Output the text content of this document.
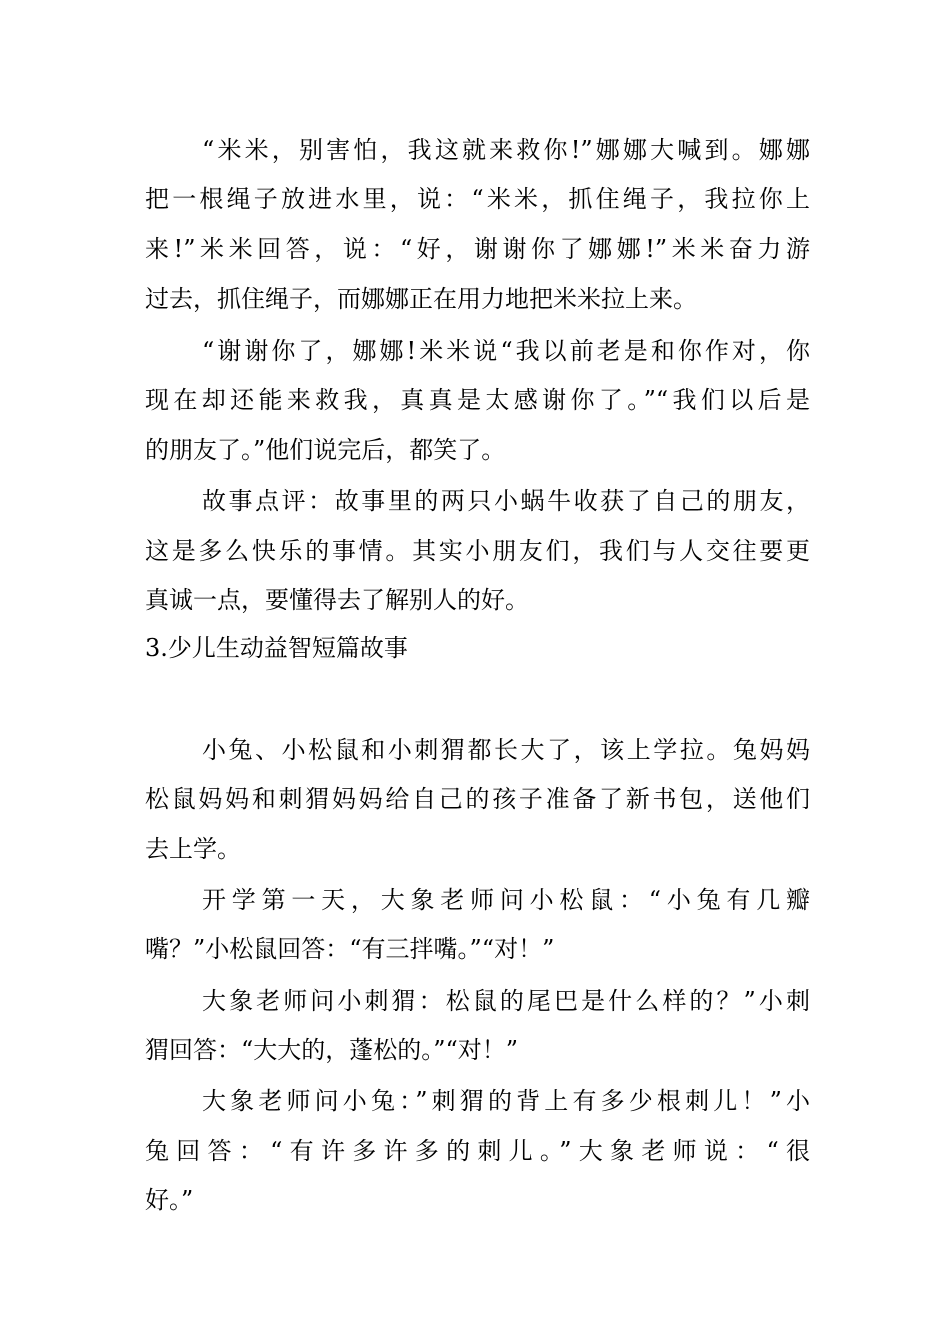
“米米，别害怕，我这就来救你!”娜娜大喊到。娜娜
把一根绳子放进水里，说：“米米，抓住绳子，我拉你上
来!”米米回答，说：“好，谢谢你了娜娜!”米米奋力游
过去，抓住绳子，而娜娜正在用力地把米米拉上来。
“谢谢你了，娜娜!米米说“我以前老是和你作对，你
现在却还能来救我，真真是太感谢你了。”“我们以后是
的朋友了。”他们说完后，都笑了。
故事点评：故事里的两只小蜗牛收获了自己的朋友，
这是多么快乐的事情。其实小朋友们，我们与人交往要更
真诚一点，要懂得去了解别人的好。
3.少儿生动益智短篇故事
小兔、小松鼠和小刺猬都长大了，该上学拉。兔妈妈
松鼠妈妈和刺猬妈妈给自己的孩子准备了新书包，送他们
去上学。
开学第一天，大象老师问小松鼠：“小兔有几瓣
嘴？”小松鼠回答：“有三拌嘴。”“对！”
大象老师问小刺猬：松鼠的尾巴是什么样的？”小刺
猬回答：“大大的，蓬松的。”“对！”
大象老师问小兔：”刺猬的背上有多少根刺儿！”小
兔回答：“有许多许多的刺儿。”大象老师说：“很
好。”
